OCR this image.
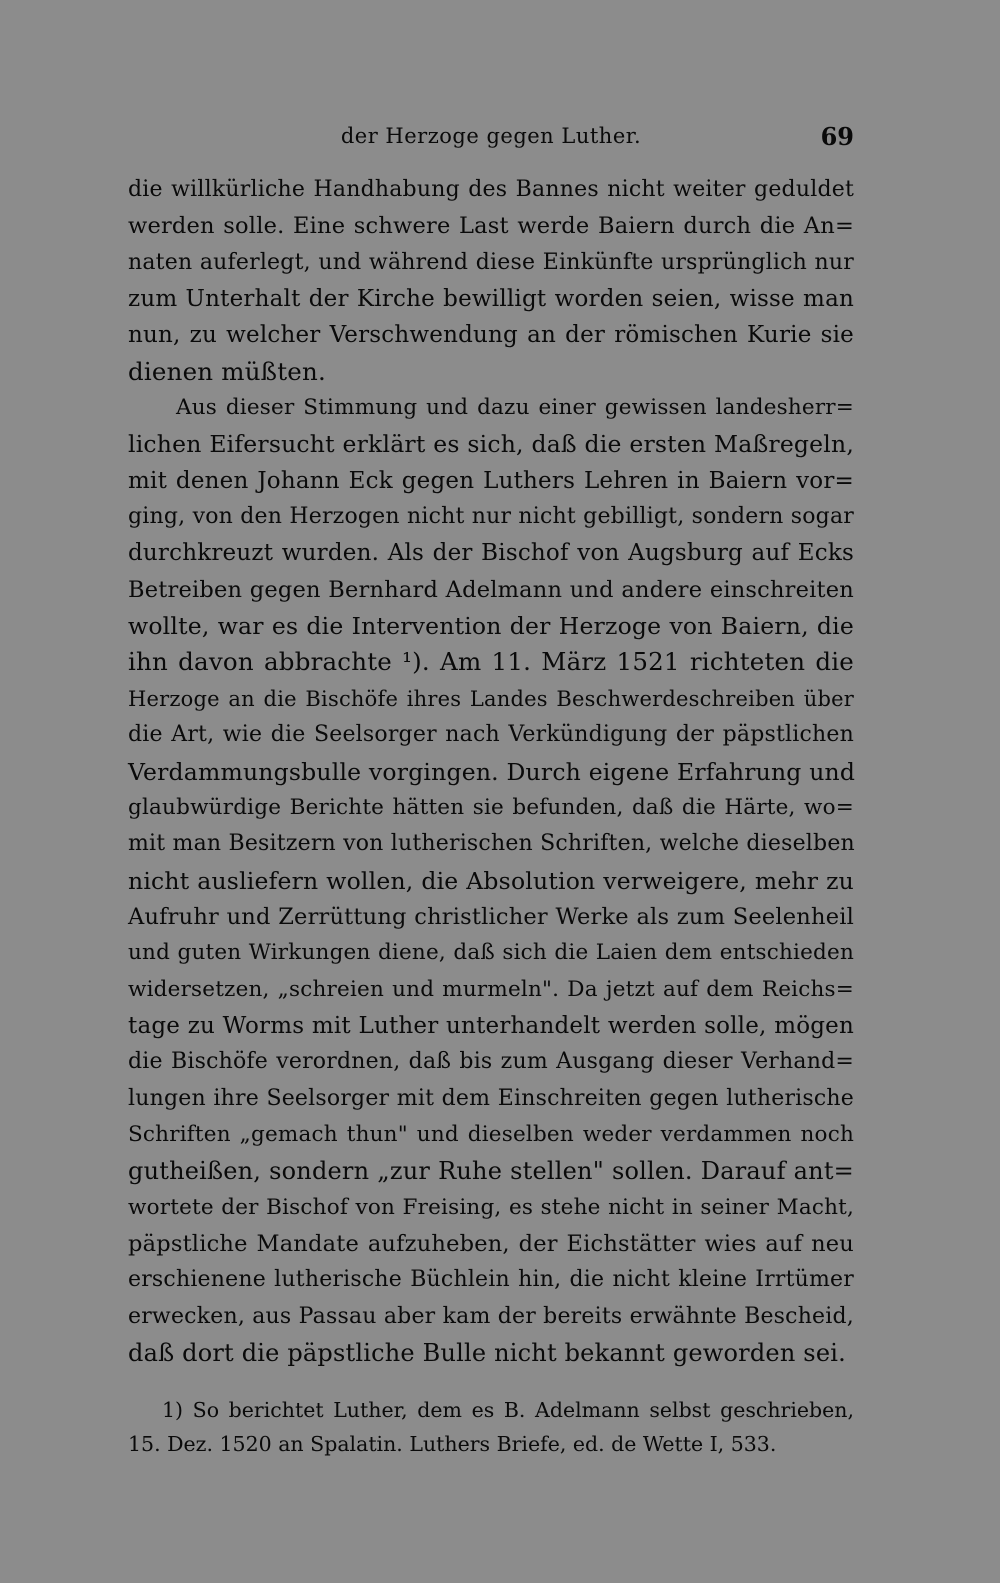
der Herzoge gegen Luther.	69
die willkürliche Handhabung des Bannes nicht weiter geduldet
werden solle. Eine schwere Last werde Baiern durch die An=
naten auferlegt, und während diese Einkünfte ursprünglich nur
zum Unterhalt der Kirche bewilligt worden seien, wisse man
nun, zu welcher Verschwendung an der römischen Kurie sie
dienen müßten.
Aus dieser Stimmung und dazu einer gewissen landesherr=
lichen Eifersucht erklärt es sich, daß die ersten Maßregeln,
mit denen Johann Eck gegen Luthers Lehren in Baiern vor=
ging, von den Herzogen nicht nur nicht gebilligt, sondern sogar
durchkreuzt wurden. Als der Bischof von Augsburg auf Ecks
Betreiben gegen Bernhard Adelmann und andere einschreiten
wollte, war es die Intervention der Herzoge von Baiern, die
ihn davon abbrachte ¹). Am 11. März 1521 richteten die
Herzoge an die Bischöfe ihres Landes Beschwerdeschreiben über
die Art, wie die Seelsorger nach Verkündigung der päpstlichen
Verdammungsbulle vorgingen. Durch eigene Erfahrung und
glaubwürdige Berichte hätten sie befunden, daß die Härte, wo=
mit man Besitzern von lutherischen Schriften, welche dieselben
nicht ausliefern wollen, die Absolution verweigere, mehr zu
Aufruhr und Zerrüttung christlicher Werke als zum Seelenheil
und guten Wirkungen diene, daß sich die Laien dem entschieden
widersetzen, „schreien und murmeln". Da jetzt auf dem Reichs=
tage zu Worms mit Luther unterhandelt werden solle, mögen
die Bischöfe verordnen, daß bis zum Ausgang dieser Verhand=
lungen ihre Seelsorger mit dem Einschreiten gegen lutherische
Schriften „gemach thun" und dieselben weder verdammen noch
gutheißen, sondern „zur Ruhe stellen" sollen. Darauf ant=
wortete der Bischof von Freising, es stehe nicht in seiner Macht,
päpstliche Mandate aufzuheben, der Eichstätter wies auf neu
erschienene lutherische Büchlein hin, die nicht kleine Irrtümer
erwecken, aus Passau aber kam der bereits erwähnte Bescheid,
daß dort die päpstliche Bulle nicht bekannt geworden sei.
1) So berichtet Luther, dem es B. Adelmann selbst geschrieben,
15. Dez. 1520 an Spalatin. Luthers Briefe, ed. de Wette I, 533.
